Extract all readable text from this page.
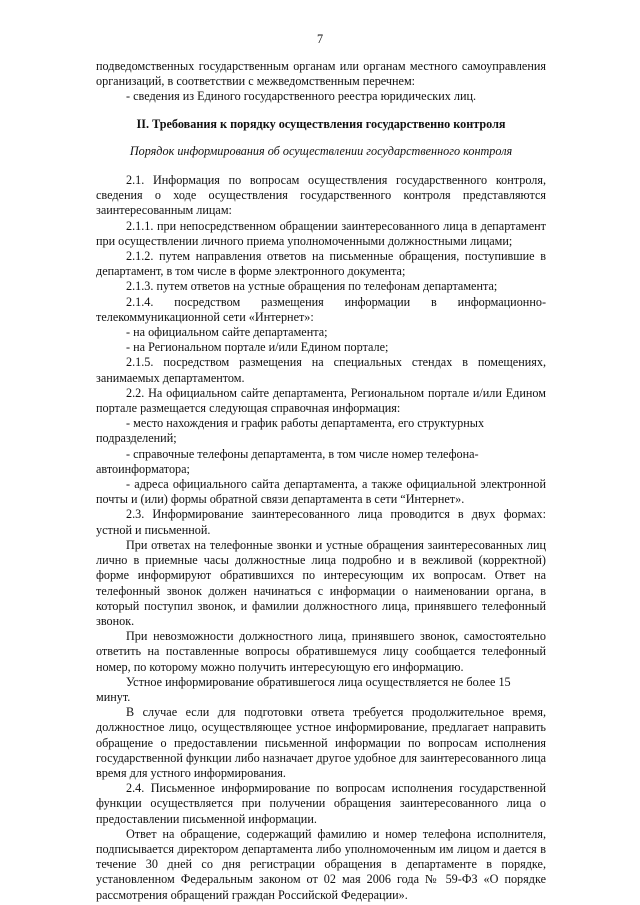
7

подведомственных государственным органам или органам местного самоуправления организаций, в соответствии с межведомственным перечнем:

- сведения из Единого государственного реестра юридических лиц.

II. Требования к порядку осуществления государственно контроля

Порядок информирования об осуществлении государственного контроля

2.1. Информация по вопросам осуществления государственного контроля, сведения о ходе осуществления государственного контроля представляются заинтересованным лицам:

2.1.1. при непосредственном обращении заинтересованного лица в департамент при осуществлении личного приема уполномоченными должностными лицами;

2.1.2. путем направления ответов на письменные обращения, поступившие в департамент, в том числе в форме электронного документа;

2.1.3. путем ответов на устные обращения по телефонам департамента;

2.1.4. посредством размещения информации в информационно-телекоммуникационной сети «Интернет»:

- на официальном сайте департамента;

- на Региональном портале и/или Едином портале;

2.1.5. посредством размещения на специальных стендах в помещениях, занимаемых департаментом.

2.2. На официальном сайте департамента, Региональном портале и/или Едином портале размещается следующая справочная информация:

- место нахождения и график работы департамента, его структурных подразделений;

- справочные телефоны департамента, в том числе номер телефона-автоинформатора;

- адреса официального сайта департамента, а также официальной электронной почты и (или) формы обратной связи департамента в сети “Интернет».

2.3. Информирование заинтересованного лица проводится в двух формах: устной и письменной.

При ответах на телефонные звонки и устные обращения заинтересованных лиц лично в приемные часы должностные лица подробно и в вежливой (корректной) форме информируют обратившихся по интересующим их вопросам. Ответ на телефонный звонок должен начинаться с информации о наименовании органа, в который поступил звонок, и фамилии должностного лица, принявшего телефонный звонок.

При невозможности должностного лица, принявшего звонок, самостоятельно ответить на поставленные вопросы обратившемуся лицу сообщается телефонный номер, по которому можно получить интересующую его информацию.

Устное информирование обратившегося лица осуществляется не более 15 минут.

В случае если для подготовки ответа требуется продолжительное время, должностное лицо, осуществляющее устное информирование, предлагает направить обращение о предоставлении письменной информации по вопросам исполнения государственной функции либо назначает другое удобное для заинтересованного лица время для устного информирования.

2.4. Письменное информирование по вопросам исполнения государственной функции осуществляется при получении обращения заинтересованного лица о предоставлении письменной информации.

Ответ на обращение, содержащий фамилию и номер телефона исполнителя, подписывается директором департамента либо уполномоченным им лицом и дается в течение 30 дней со дня регистрации обращения в департаменте в порядке, установленном Федеральным законом от 02 мая 2006 года № 59-ФЗ «О порядке рассмотрения обращений граждан Российской Федерации».
